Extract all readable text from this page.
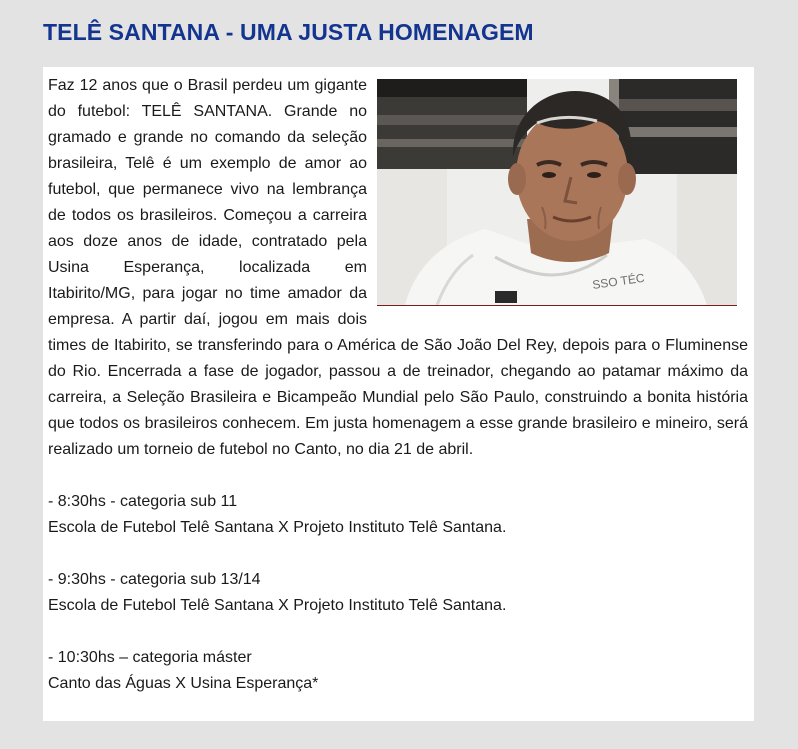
TELÊ SANTANA - UMA JUSTA HOMENAGEM
SSO TÉC

Faz 12 anos que o Brasil perdeu um gigante do futebol: TELÊ SANTANA. Grande no gramado e grande no comando da seleção brasileira, Telê é um exemplo de amor ao futebol, que permanece vivo na lembrança de todos os brasileiros. Começou a carreira aos doze anos de idade, contratado pela Usina Esperança, localizada em Itabirito/MG, para jogar no time amador da empresa. A partir daí, jogou em mais dois times de Itabirito, se transferindo para o América de São João Del Rey, depois para o Fluminense do Rio. Encerrada a fase de jogador, passou a de treinador, chegando ao patamar máximo da carreira, a Seleção Brasileira e Bicampeão Mundial pelo São Paulo, construindo a bonita história que todos os brasileiros conhecem. Em justa homenagem a esse grande brasileiro e mineiro, será realizado um torneio de futebol no Canto, no dia 21 de abril.

- 8:30hs - categoria sub 11

Escola de Futebol Telê Santana X Projeto Instituto Telê Santana.

- 9:30hs - categoria sub 13/14

Escola de Futebol Telê Santana X Projeto Instituto Telê Santana.

- 10:30hs – categoria máster

Canto das Águas X Usina Esperança*
